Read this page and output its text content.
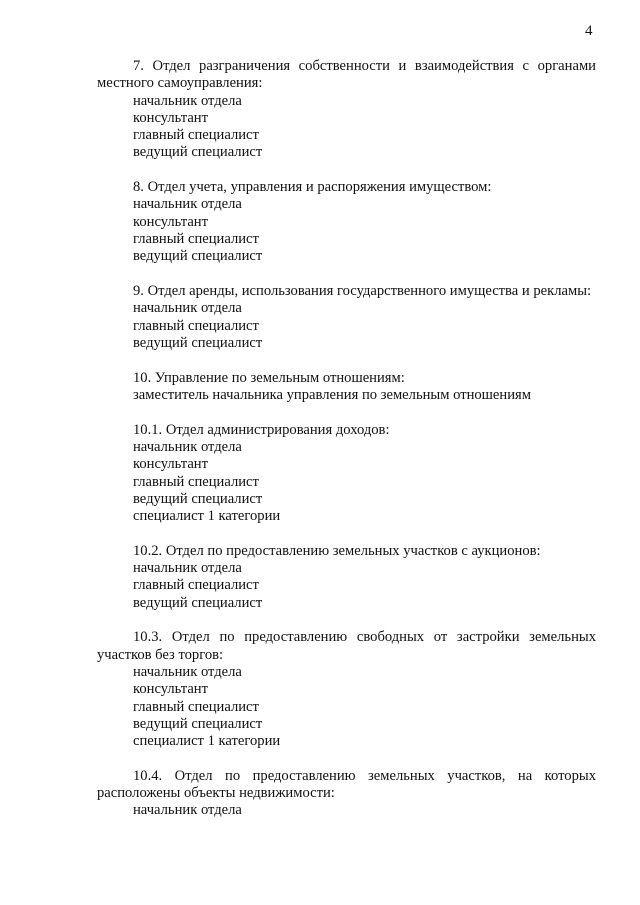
4

7. Отдел разграничения собственности и взаимодействия с органами местного самоуправления:

начальник отдела
консультант
главный специалист
ведущий специалист

8. Отдел учета, управления и распоряжения имуществом:

начальник отдела
консультант
главный специалист
ведущий специалист

9. Отдел аренды, использования государственного имущества и рекламы:

начальник отдела
главный специалист
ведущий специалист

10. Управление по земельным отношениям:

заместитель начальника управления по земельным отношениям

10.1. Отдел администрирования доходов:

начальник отдела
консультант
главный специалист
ведущий специалист
специалист 1 категории

10.2. Отдел по предоставлению земельных участков с аукционов:

начальник отдела
главный специалист
ведущий специалист

10.3. Отдел по предоставлению свободных от застройки земельных участков без торгов:

начальник отдела
консультант
главный специалист
ведущий специалист
специалист 1 категории

10.4. Отдел по предоставлению земельных участков, на которых расположены объекты недвижимости:

начальник отдела
